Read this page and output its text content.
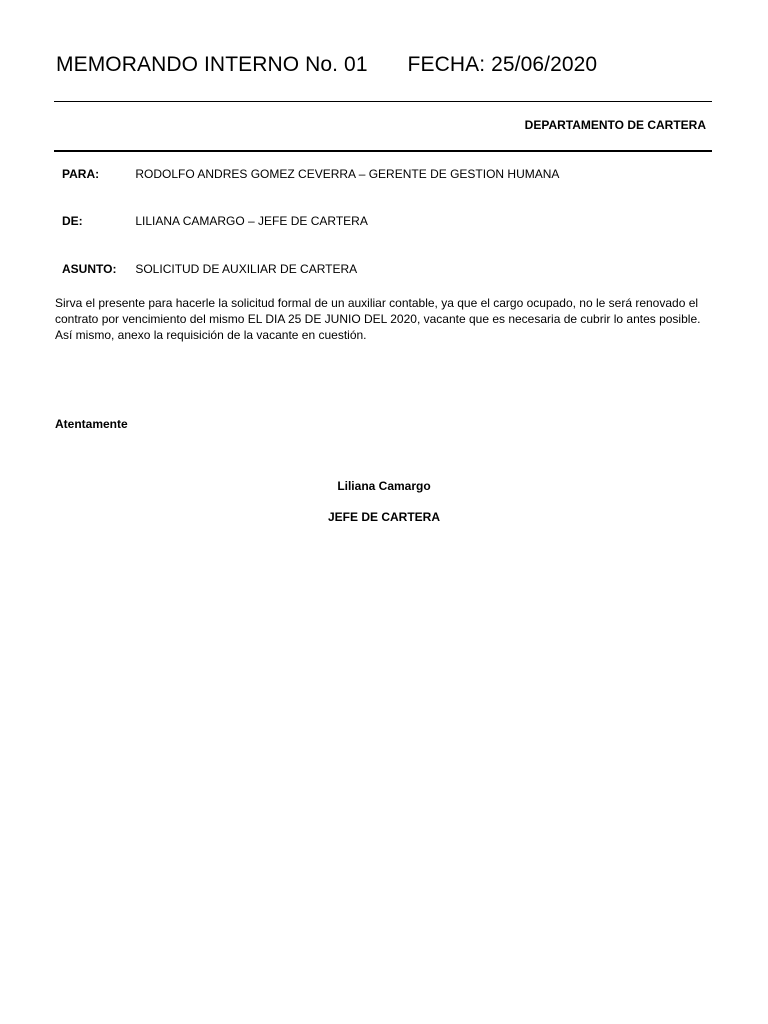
MEMORANDO INTERNO No. 01 FECHA: 25/06/2020
DEPARTAMENTO DE CARTERA
PARA:	RODOLFO ANDRES GOMEZ CEVERRA – GERENTE DE GESTION HUMANA
DE:	LILIANA CAMARGO – JEFE DE CARTERA
ASUNTO: SOLICITUD DE AUXILIAR DE CARTERA
Sirva el presente para hacerle la solicitud formal de un auxiliar contable, ya que el cargo ocupado, no le será renovado el contrato por vencimiento del mismo EL DIA 25 DE JUNIO DEL 2020, vacante que es necesaria de cubrir lo antes posible. Así mismo, anexo la requisición de la vacante en cuestión.
Atentamente
Liliana Camargo
JEFE DE CARTERA
